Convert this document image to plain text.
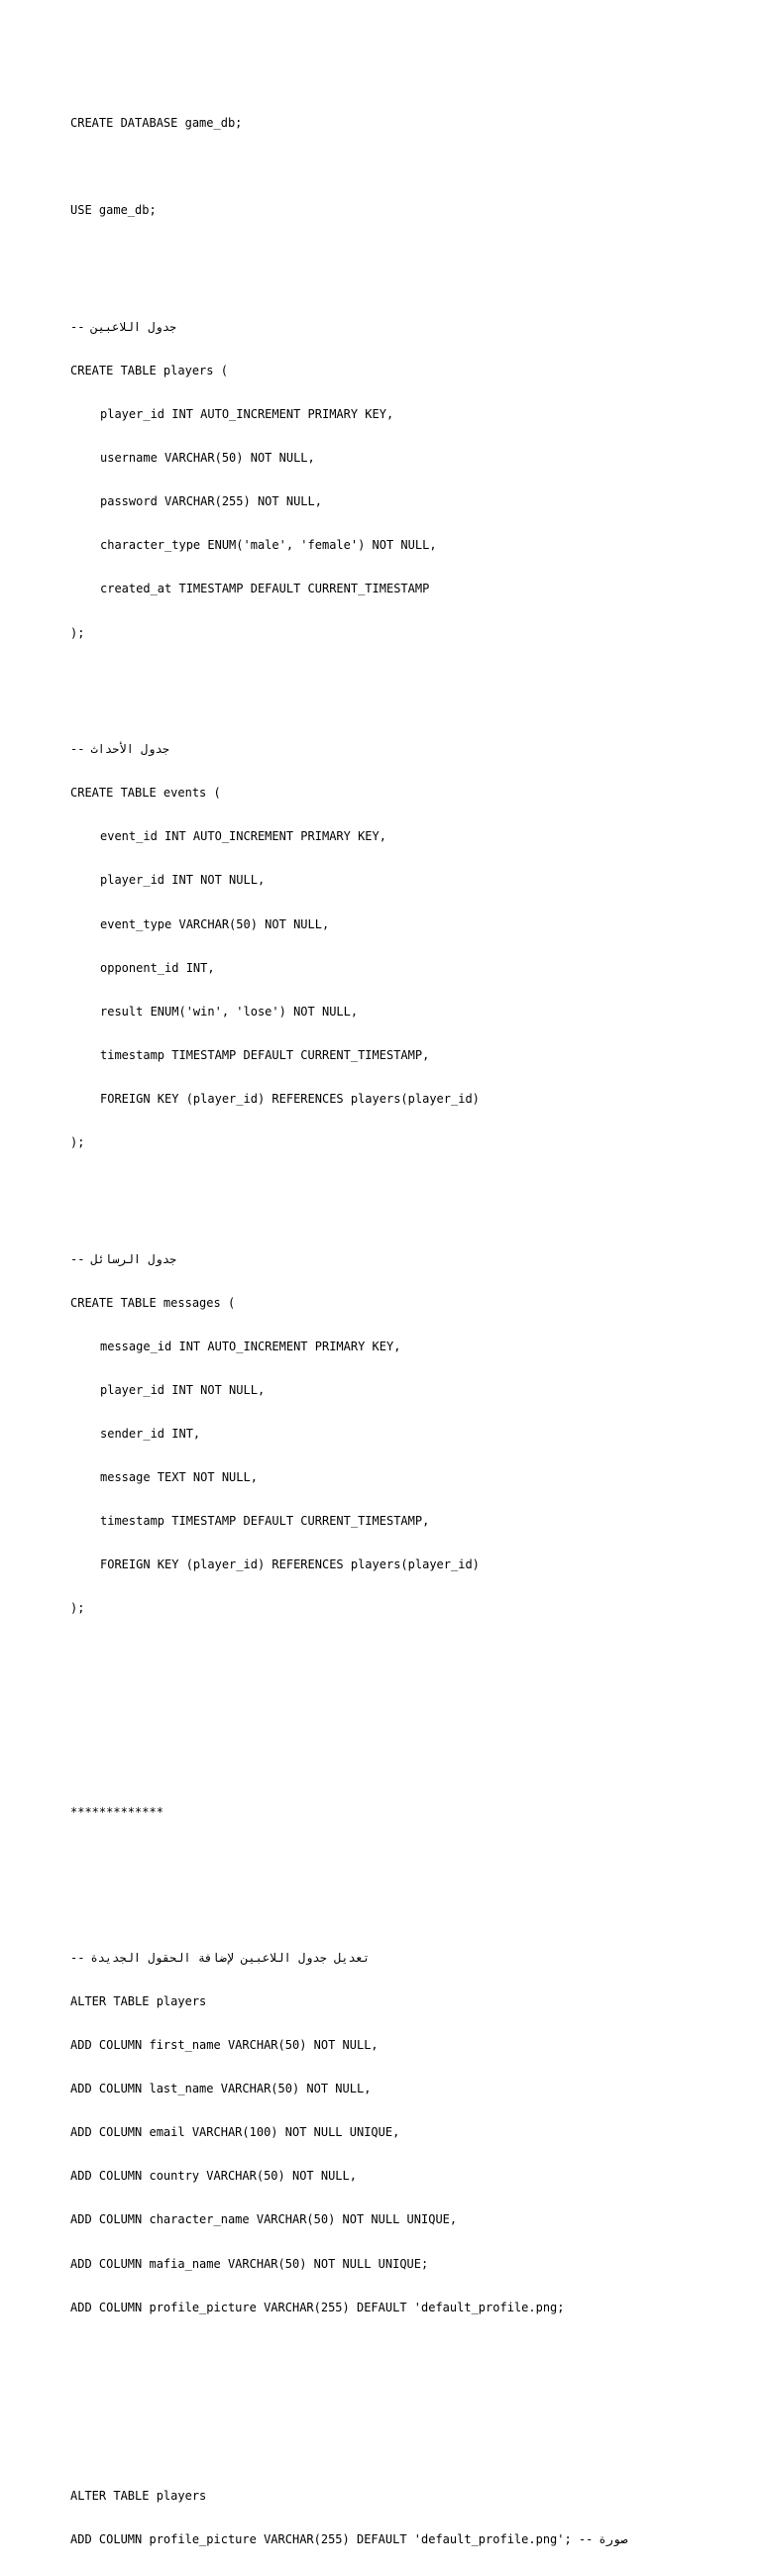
CREATE DATABASE game_db;

USE game_db;

-- جدول اللاعبين

CREATE TABLE players (

player_id INT AUTO_INCREMENT PRIMARY KEY,

username VARCHAR(50) NOT NULL,

password VARCHAR(255) NOT NULL,

character_type ENUM('male', 'female') NOT NULL,

created_at TIMESTAMP DEFAULT CURRENT_TIMESTAMP

);

-- جدول الأحداث

CREATE TABLE events (

event_id INT AUTO_INCREMENT PRIMARY KEY,

player_id INT NOT NULL,

event_type VARCHAR(50) NOT NULL,

opponent_id INT,

result ENUM('win', 'lose') NOT NULL,

timestamp TIMESTAMP DEFAULT CURRENT_TIMESTAMP,

FOREIGN KEY (player_id) REFERENCES players(player_id)

);

-- جدول الرسائل

CREATE TABLE messages (

message_id INT AUTO_INCREMENT PRIMARY KEY,

player_id INT NOT NULL,

sender_id INT,

message TEXT NOT NULL,

timestamp TIMESTAMP DEFAULT CURRENT_TIMESTAMP,

FOREIGN KEY (player_id) REFERENCES players(player_id)

);

*************

-- تعديل جدول اللاعبين لإضافة الحقول الجديدة

ALTER TABLE players

ADD COLUMN first_name VARCHAR(50) NOT NULL,

ADD COLUMN last_name VARCHAR(50) NOT NULL,

ADD COLUMN email VARCHAR(100) NOT NULL UNIQUE,

ADD COLUMN country VARCHAR(50) NOT NULL,

ADD COLUMN character_name VARCHAR(50) NOT NULL UNIQUE,

ADD COLUMN mafia_name VARCHAR(50) NOT NULL UNIQUE;

ADD COLUMN profile_picture VARCHAR(255) DEFAULT 'default_profile.png;

ALTER TABLE players

ADD COLUMN profile_picture VARCHAR(255) DEFAULT 'default_profile.png'; -- صورة
